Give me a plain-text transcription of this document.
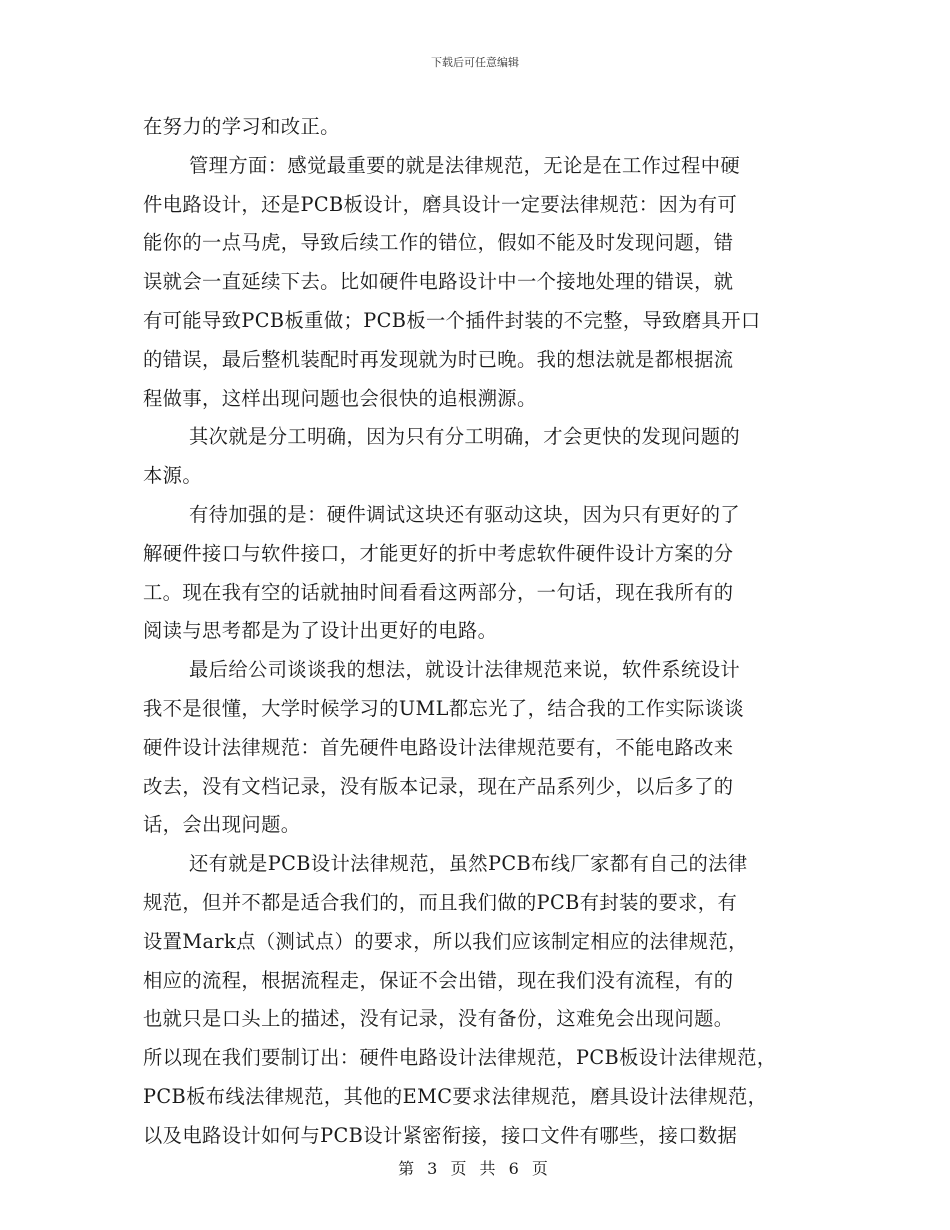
下载后可任意编辑
在努力的学习和改正。
管理方面：感觉最重要的就是法律规范，无论是在工作过程中硬
件电路设计，还是PCB板设计，磨具设计一定要法律规范：因为有可
能你的一点马虎，导致后续工作的错位，假如不能及时发现问题，错
误就会一直延续下去。比如硬件电路设计中一个接地处理的错误，就
有可能导致PCB板重做；PCB板一个插件封装的不完整，导致磨具开口
的错误，最后整机装配时再发现就为时已晚。我的想法就是都根据流
程做事，这样出现问题也会很快的追根溯源。
其次就是分工明确，因为只有分工明确，才会更快的发现问题的
本源。
有待加强的是：硬件调试这块还有驱动这块，因为只有更好的了
解硬件接口与软件接口，才能更好的折中考虑软件硬件设计方案的分
工。现在我有空的话就抽时间看看这两部分，一句话，现在我所有的
阅读与思考都是为了设计出更好的电路。
最后给公司谈谈我的想法，就设计法律规范来说，软件系统设计
我不是很懂，大学时候学习的UML都忘光了，结合我的工作实际谈谈
硬件设计法律规范：首先硬件电路设计法律规范要有，不能电路改来
改去，没有文档记录，没有版本记录，现在产品系列少，以后多了的
话，会出现问题。
还有就是PCB设计法律规范，虽然PCB布线厂家都有自己的法律
规范，但并不都是适合我们的，而且我们做的PCB有封装的要求，有
设置Mark点（测试点）的要求，所以我们应该制定相应的法律规范，
相应的流程，根据流程走，保证不会出错，现在我们没有流程，有的
也就只是口头上的描述，没有记录，没有备份，这难免会出现问题。
所以现在我们要制订出：硬件电路设计法律规范，PCB板设计法律规范，
PCB板布线法律规范，其他的EMC要求法律规范，磨具设计法律规范，
以及电路设计如何与PCB设计紧密衔接，接口文件有哪些，接口数据
第 3 页 共 6 页
